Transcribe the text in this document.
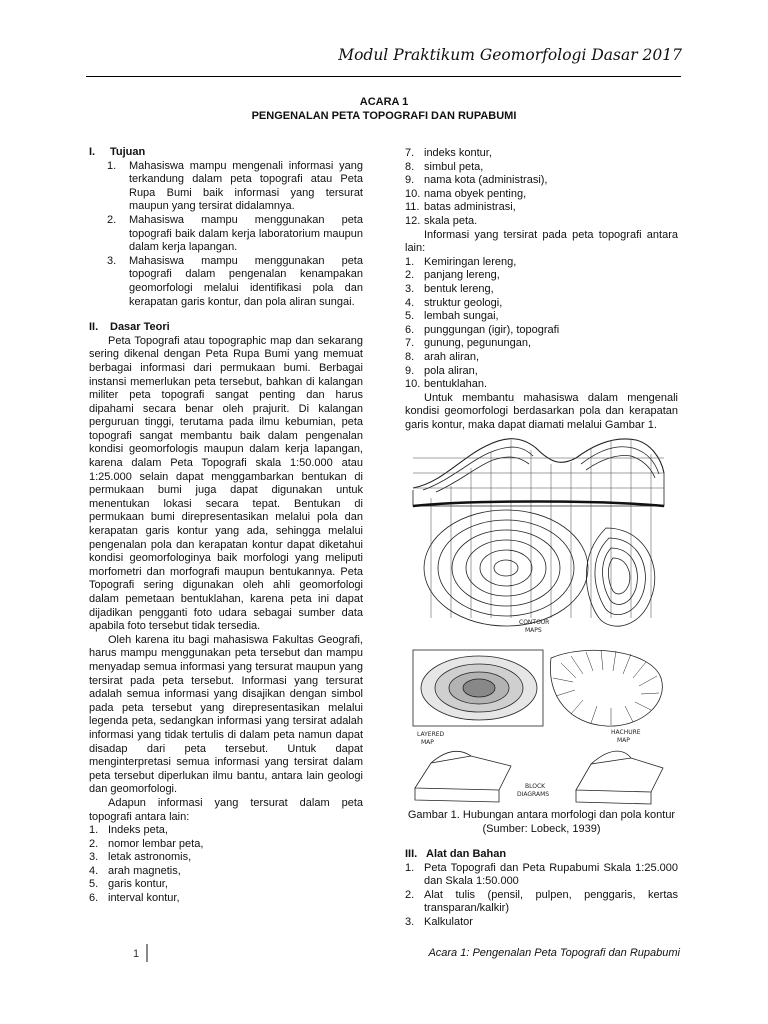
Modul Praktikum Geomorfologi Dasar 2017
ACARA 1
PENGENALAN PETA TOPOGRAFI DAN RUPABUMI

I. Tujuan

1.	Mahasiswa mampu mengenali informasi yang terkandung dalam peta topografi atau Peta Rupa Bumi baik informasi yang tersurat maupun yang tersirat didalamnya.
2.	Mahasiswa mampu menggunakan peta topografi baik dalam kerja laboratorium maupun dalam kerja lapangan.
3.	Mahasiswa mampu menggunakan peta topografi dalam pengenalan kenampakan geomorfologi melalui identifikasi pola dan kerapatan garis kontur, dan pola aliran sungai.

II. Dasar Teori

Peta Topografi atau topographic map dan sekarang sering dikenal dengan Peta Rupa Bumi yang memuat berbagai informasi dari permukaan bumi. Berbagai instansi memerlukan peta tersebut, bahkan di kalangan militer peta topografi sangat penting dan harus dipahami secara benar oleh prajurit. Di kalangan perguruan tinggi, terutama pada ilmu kebumian, peta topografi sangat membantu baik dalam pengenalan kondisi geomorfologis maupun dalam kerja lapangan, karena dalam Peta Topografi skala 1:50.000 atau 1:25.000 selain dapat menggambarkan bentukan di permukaan bumi juga dapat digunakan untuk menentukan lokasi secara tepat. Bentukan di permukaan bumi direpresentasikan melalui pola dan kerapatan garis kontur yang ada, sehingga melalui pengenalan pola dan kerapatan kontur dapat diketahui kondisi geomorfologinya baik morfologi yang meliputi morfometri dan morfografi maupun bentukannya. Peta Topografi sering digunakan oleh ahli geomorfologi dalam pemetaan bentuklahan, karena peta ini dapat dijadikan pengganti foto udara sebagai sumber data apabila foto tersebut tidak tersedia.

Oleh karena itu bagi mahasiswa Fakultas Geografi, harus mampu menggunakan peta tersebut dan mampu menyadap semua informasi yang tersurat maupun yang tersirat pada peta tersebut. Informasi yang tersurat adalah semua informasi yang disajikan dengan simbol pada peta tersebut yang direpresentasikan melalui legenda peta, sedangkan informasi yang tersirat adalah informasi yang tidak tertulis di dalam peta namun dapat disadap dari peta tersebut. Untuk dapat menginterpretasi semua informasi yang tersirat dalam peta tersebut diperlukan ilmu bantu, antara lain geologi dan geomorfologi.

Adapun informasi yang tersurat dalam peta topografi antara lain:

1. Indeks peta,
2. nomor lembar peta,
3. letak astronomis,
4. arah magnetis,
5. garis kontur,
6. interval kontur,
7. indeks kontur,
8. simbul peta,
9. nama kota (administrasi),
10. nama obyek penting,
11. batas administrasi,
12. skala peta.

Informasi yang tersirat pada peta topografi antara lain:

1. Kemiringan lereng,
2. panjang lereng,
3. bentuk lereng,
4. struktur geologi,
5. lembah sungai,
6. punggungan (igir), topografi
7. gunung, pegunungan,
8. arah aliran,
9. pola aliran,
10. bentuklahan.

Untuk membantu mahasiswa dalam mengenali kondisi geomorfologi berdasarkan pola dan kerapatan garis kontur, maka dapat diamati melalui Gambar 1.

CONTOUR
MAPS
LAYERED
MAP
HACHURE
MAP
BLOCK
DIAGRAMS
Gambar 1. Hubungan antara morfologi dan pola kontur (Sumber: Lobeck, 1939)

III. Alat dan Bahan

1. Peta Topografi dan Peta Rupabumi Skala 1:25.000 dan Skala 1:50.000
2. Alat tulis (pensil, pulpen, penggaris, kertas transparan/kalkir)
3. Kalkulator
1	Acara 1: Pengenalan Peta Topografi dan Rupabumi
